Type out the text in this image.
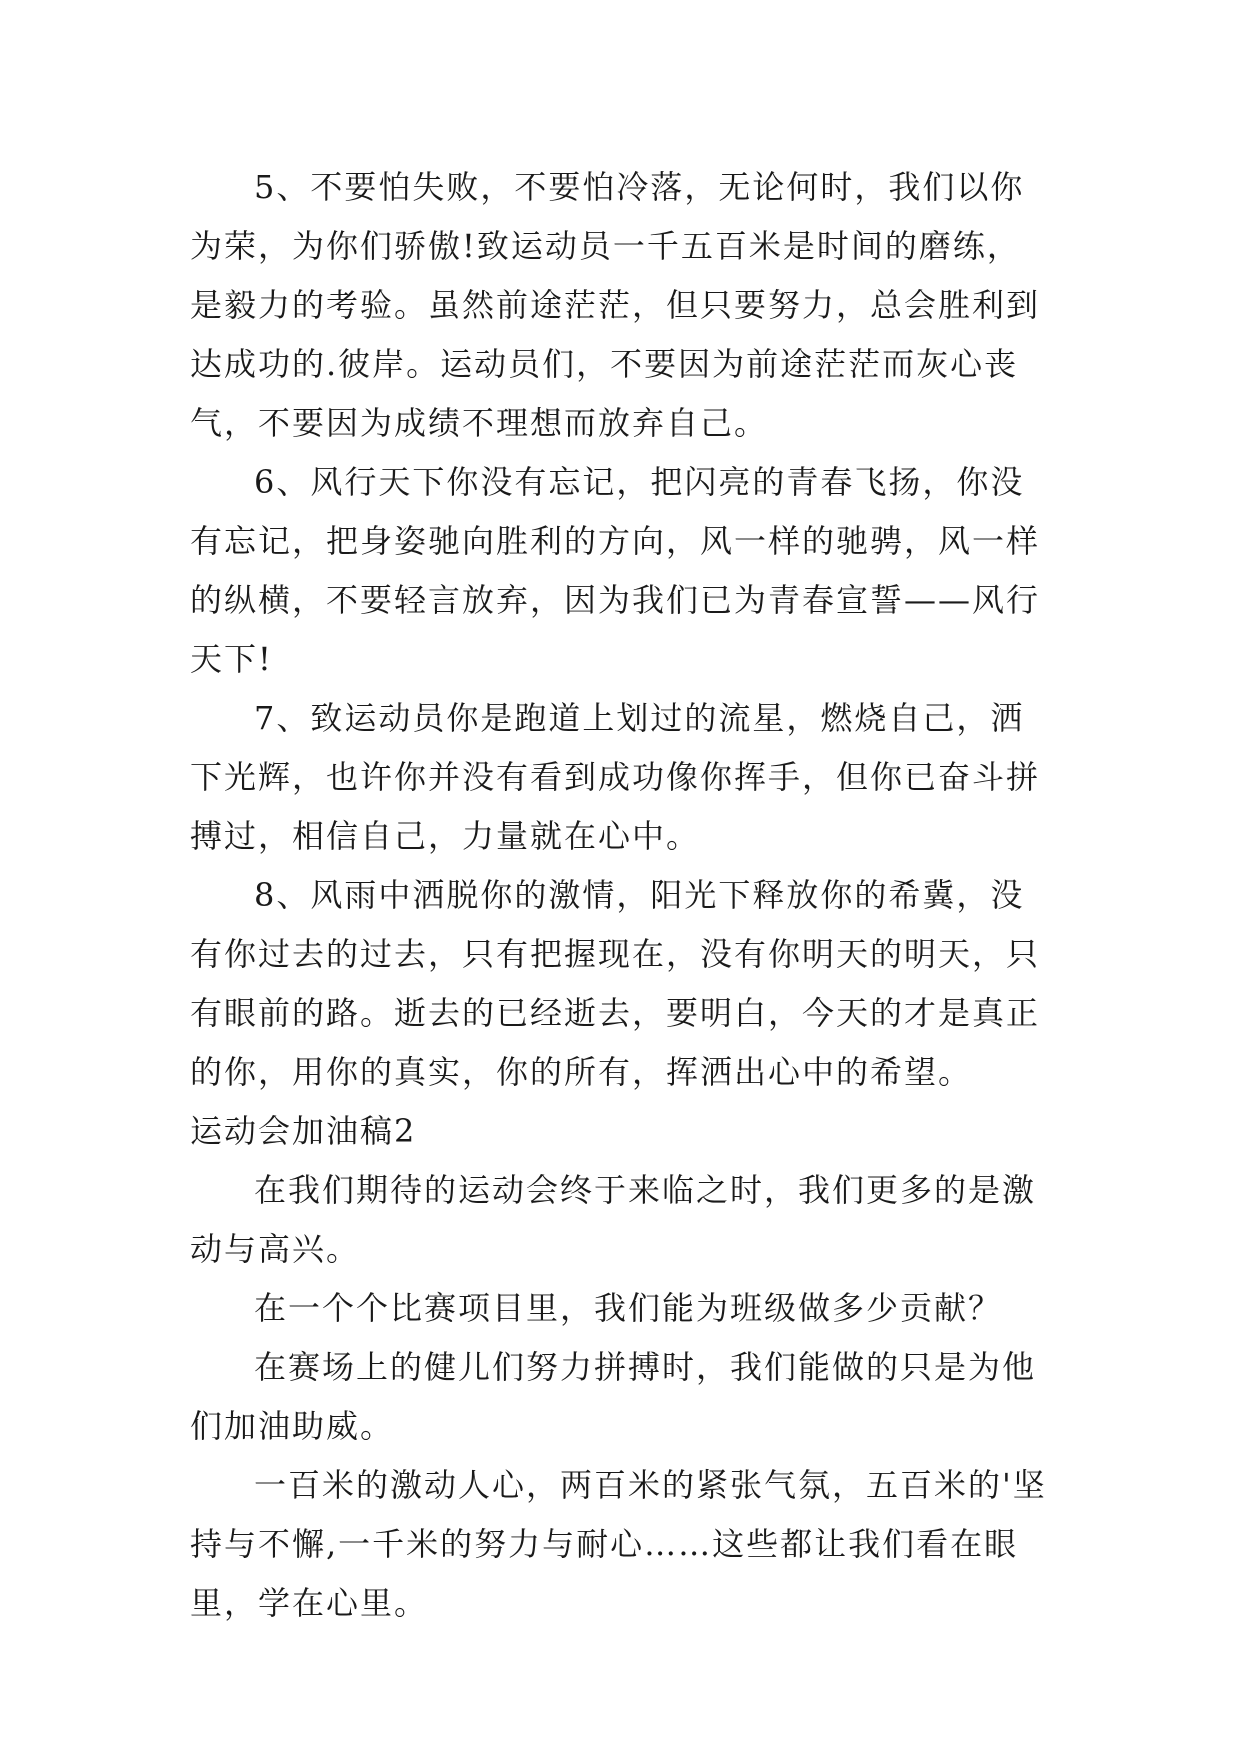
5、不要怕失败，不要怕冷落，无论何时，我们以你为荣，为你们骄傲!致运动员一千五百米是时间的磨练，是毅力的考验。虽然前途茫茫，但只要努力，总会胜利到达成功的.彼岸。运动员们，不要因为前途茫茫而灰心丧气，不要因为成绩不理想而放弃自己。

6、风行天下你没有忘记，把闪亮的青春飞扬，你没有忘记，把身姿驰向胜利的方向，风一样的驰骋，风一样的纵横，不要轻言放弃，因为我们已为青春宣誓——风行天下!

7、致运动员你是跑道上划过的流星，燃烧自己，洒下光辉，也许你并没有看到成功像你挥手，但你已奋斗拼搏过，相信自己，力量就在心中。

8、风雨中洒脱你的激情，阳光下释放你的希冀，没有你过去的过去，只有把握现在，没有你明天的明天，只有眼前的路。逝去的已经逝去，要明白，今天的才是真正的你，用你的真实，你的所有，挥洒出心中的希望。

运动会加油稿2

在我们期待的运动会终于来临之时，我们更多的是激动与高兴。

在一个个比赛项目里，我们能为班级做多少贡献？

在赛场上的健儿们努力拼搏时，我们能做的只是为他们加油助威。

一百米的激动人心，两百米的紧张气氛，五百米的'坚持与不懈,一千米的努力与耐心……这些都让我们看在眼里，学在心里。
